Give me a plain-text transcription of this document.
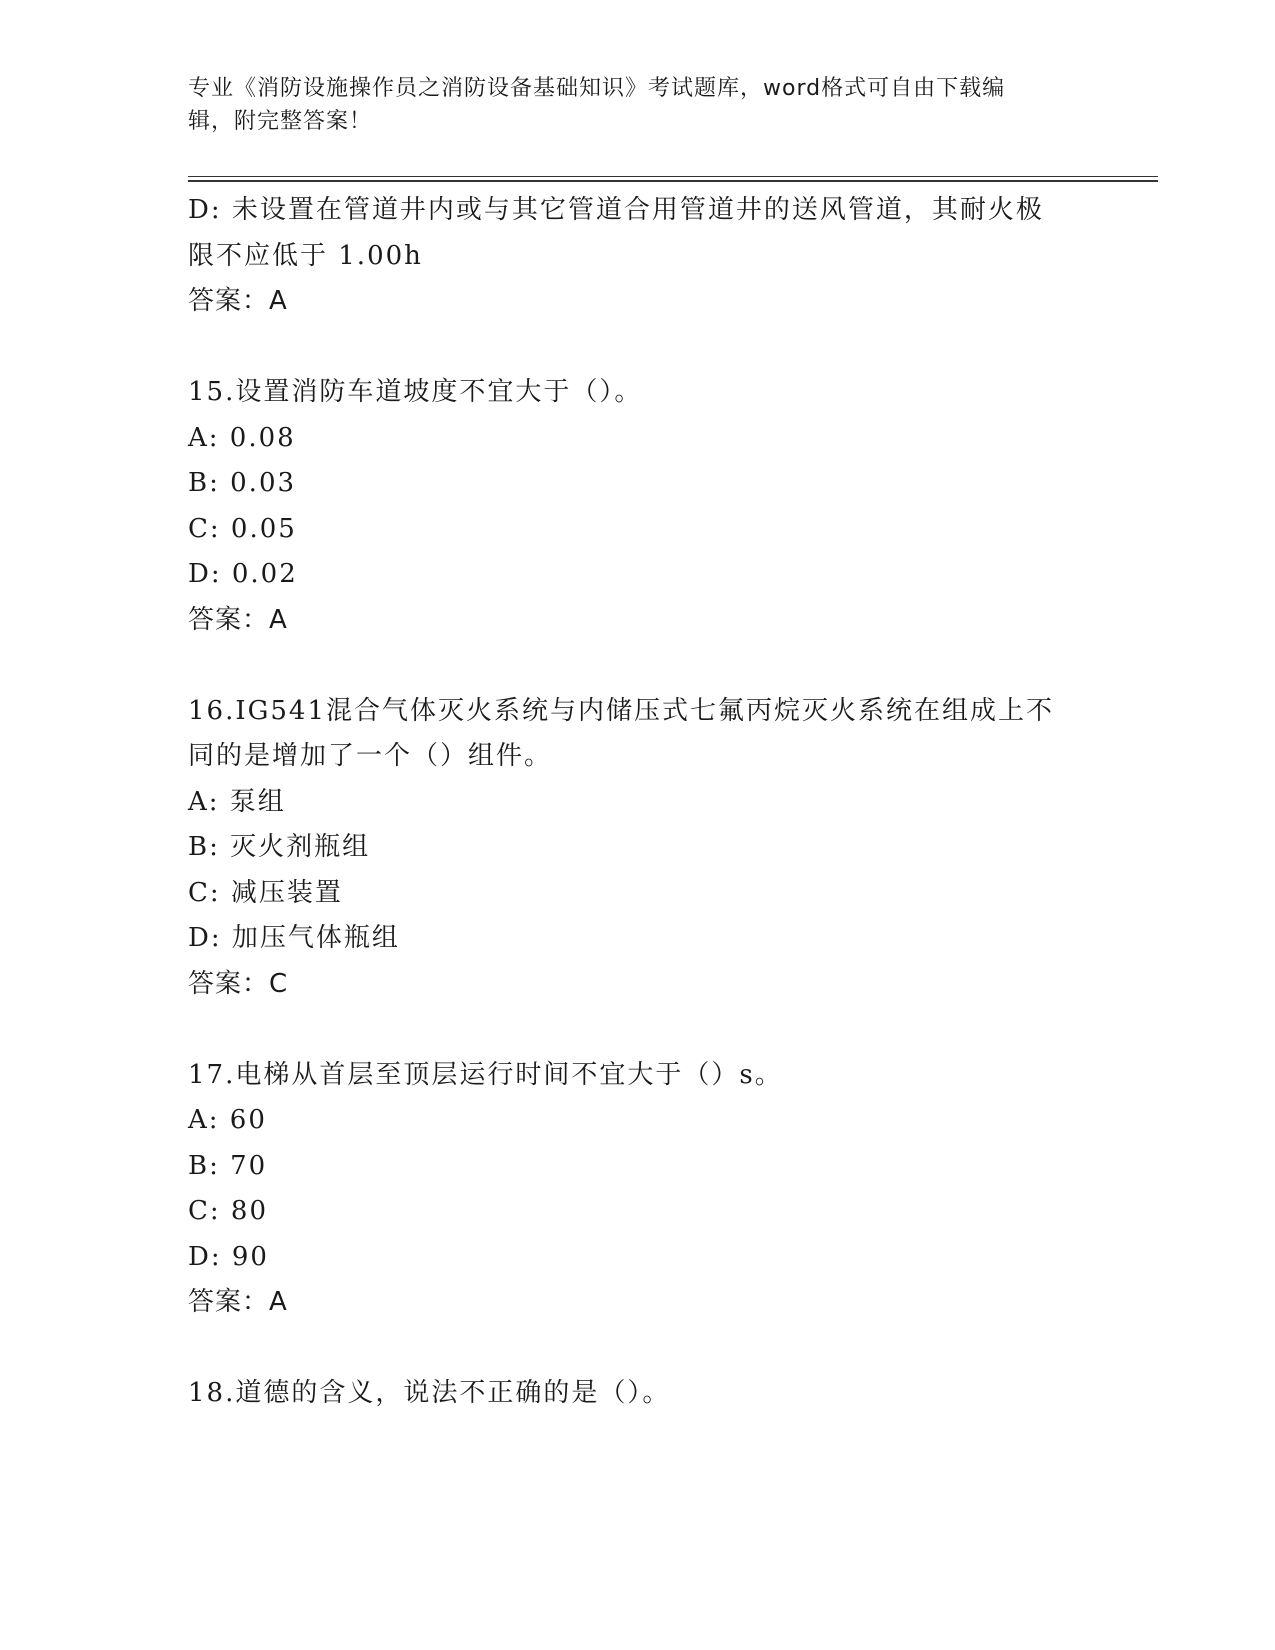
专业《消防设施操作员之消防设备基础知识》考试题库，word格式可自由下载编
辑，附完整答案！
D: 未设置在管道井内或与其它管道合用管道井的送风管道，其耐火极
限不应低于 1.00h
答案：A
15.设置消防车道坡度不宜大于（）。
A: 0.08
B: 0.03
C: 0.05
D: 0.02
答案：A
16.IG541混合气体灭火系统与内储压式七氟丙烷灭火系统在组成上不
同的是增加了一个（）组件。
A: 泵组
B: 灭火剂瓶组
C: 减压装置
D: 加压气体瓶组
答案：C
17.电梯从首层至顶层运行时间不宜大于（）s。
A: 60
B: 70
C: 80
D: 90
答案：A
18.道德的含义，说法不正确的是（）。
